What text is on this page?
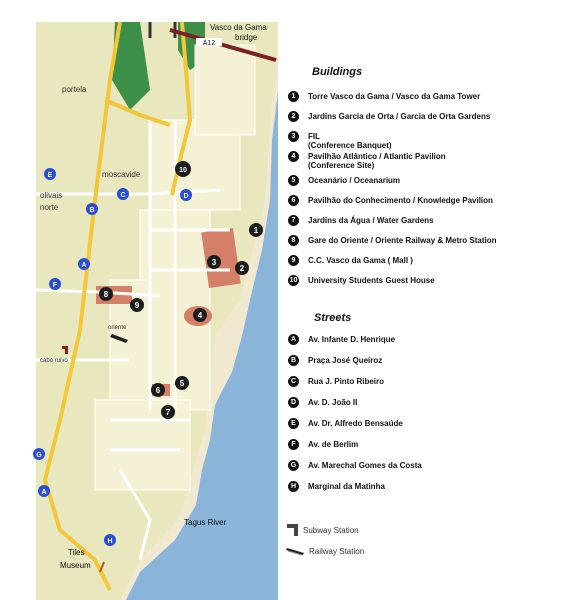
A12
Vasco da Gama
bridge
portela
moscavide
olivais
norte
oriente
cabo ruivo
Tagus River
Tiles
Museum
1
2
3
4
5
6
7
8
9
10
A
A
B
C	D
E
F
G
H
Buildings
1	Torre Vasco da Gama / Vasco da Gama Tower
2	Jardins Garcia de Orta / Garcia de Orta Gardens
3	FIL
(Conference Banquet)
4	Pavilhão Atlântico / Atlantic Pavilion
(Conference Site)
5	Oceanário / Oceanarium
6	Pavilhão do Conhecimento / Knowledge Pavilion
7	Jardins da Água / Water Gardens
8	Gare do Oriente / Oriente Railway & Metro Station
9	C.C. Vasco da Gama ( Mall )
10 University Students Guest House
Streets
A	Av. Infante D. Henrique
B	Praça José Queiroz
C	Rua J. Pinto Ribeiro
D	Av. D. João II
E	Av. Dr. Alfredo Bensaúde
F	Av. de Berlim
G	Av. Marechal Gomes da Costa
H	Marginal da Matinha
Subway Station
Railway Station
